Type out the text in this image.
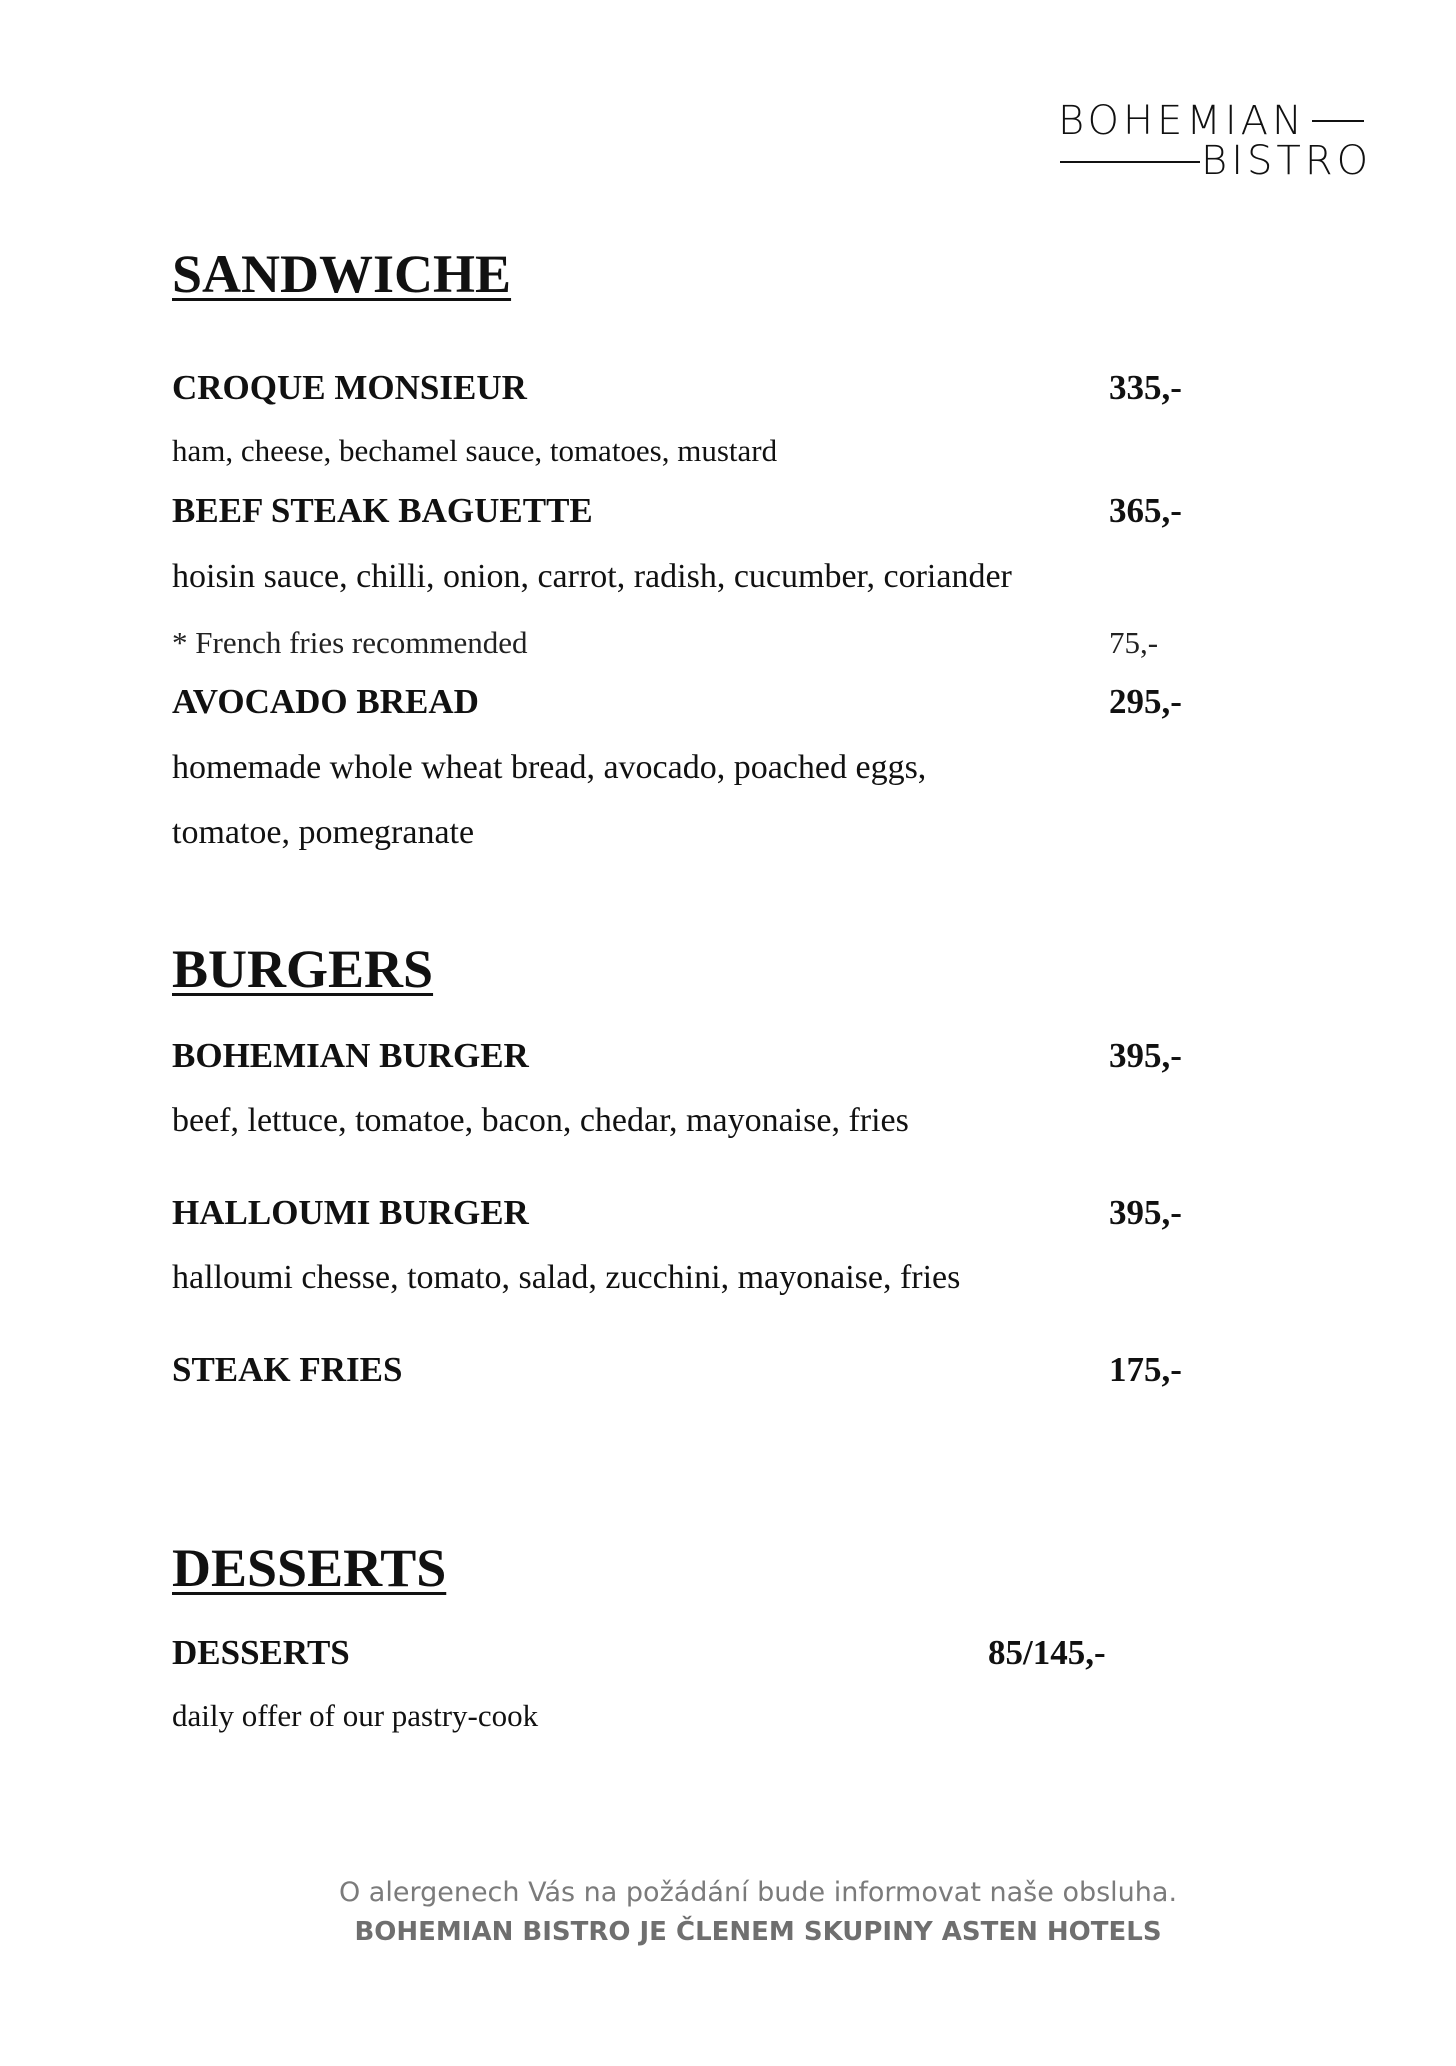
BOHEMIAN
BISTRO
SANDWICHE
CROQUE MONSIEUR	335,-
ham, cheese, bechamel sauce, tomatoes, mustard
BEEF STEAK BAGUETTE	365,-
hoisin sauce, chilli, onion, carrot, radish, cucumber, coriander
* French fries recommended	75,-
AVOCADO BREAD	295,-
homemade whole wheat bread, avocado, poached eggs,
tomatoe, pomegranate
BURGERS
BOHEMIAN BURGER	395,-
beef, lettuce, tomatoe, bacon, chedar, mayonaise, fries
HALLOUMI BURGER	395,-
halloumi chesse, tomato, salad, zucchini, mayonaise, fries
STEAK FRIES	175,-
DESSERTS
DESSERTS	85/145,-
daily offer of our pastry-cook
O alergenech Vás na požádání bude informovat naše obsluha.
BOHEMIAN BISTRO JE ČLENEM SKUPINY ASTEN HOTELS
